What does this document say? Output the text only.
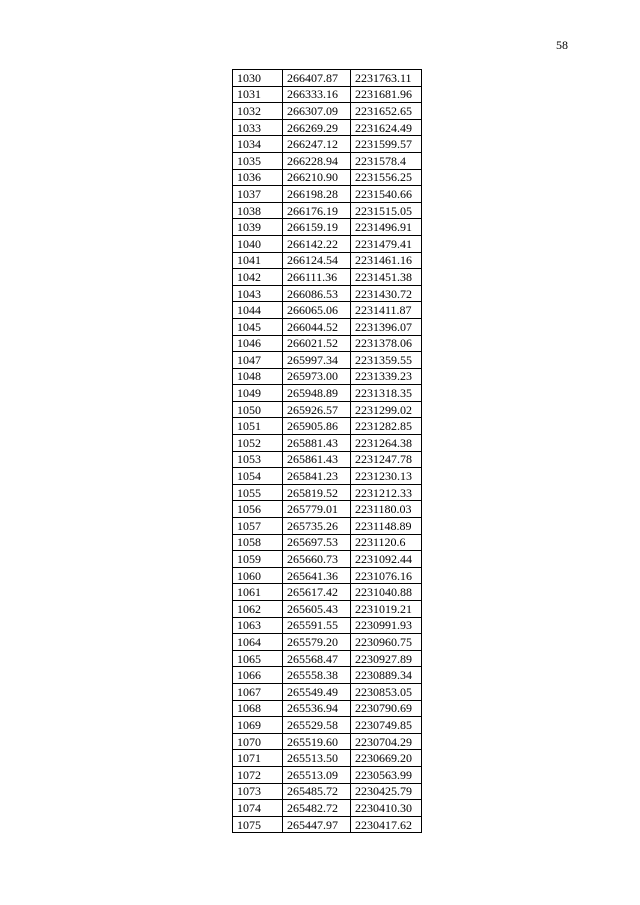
58
1030	266407.87	2231763.11
1031	266333.16	2231681.96
1032	266307.09	2231652.65
1033	266269.29	2231624.49
1034	266247.12	2231599.57
1035	266228.94	2231578.4
1036	266210.90	2231556.25
1037	266198.28	2231540.66
1038	266176.19	2231515.05
1039	266159.19	2231496.91
1040	266142.22	2231479.41
1041	266124.54	2231461.16
1042	266111.36	2231451.38
1043	266086.53	2231430.72
1044	266065.06	2231411.87
1045	266044.52	2231396.07
1046	266021.52	2231378.06
1047	265997.34	2231359.55
1048	265973.00	2231339.23
1049	265948.89	2231318.35
1050	265926.57	2231299.02
1051	265905.86	2231282.85
1052	265881.43	2231264.38
1053	265861.43	2231247.78
1054	265841.23	2231230.13
1055	265819.52	2231212.33
1056	265779.01	2231180.03
1057	265735.26	2231148.89
1058	265697.53	2231120.6
1059	265660.73	2231092.44
1060	265641.36	2231076.16
1061	265617.42	2231040.88
1062	265605.43	2231019.21
1063	265591.55	2230991.93
1064	265579.20	2230960.75
1065	265568.47	2230927.89
1066	265558.38	2230889.34
1067	265549.49	2230853.05
1068	265536.94	2230790.69
1069	265529.58	2230749.85
1070	265519.60	2230704.29
1071	265513.50	2230669.20
1072	265513.09	2230563.99
1073	265485.72	2230425.79
1074	265482.72	2230410.30
1075	265447.97	2230417.62
